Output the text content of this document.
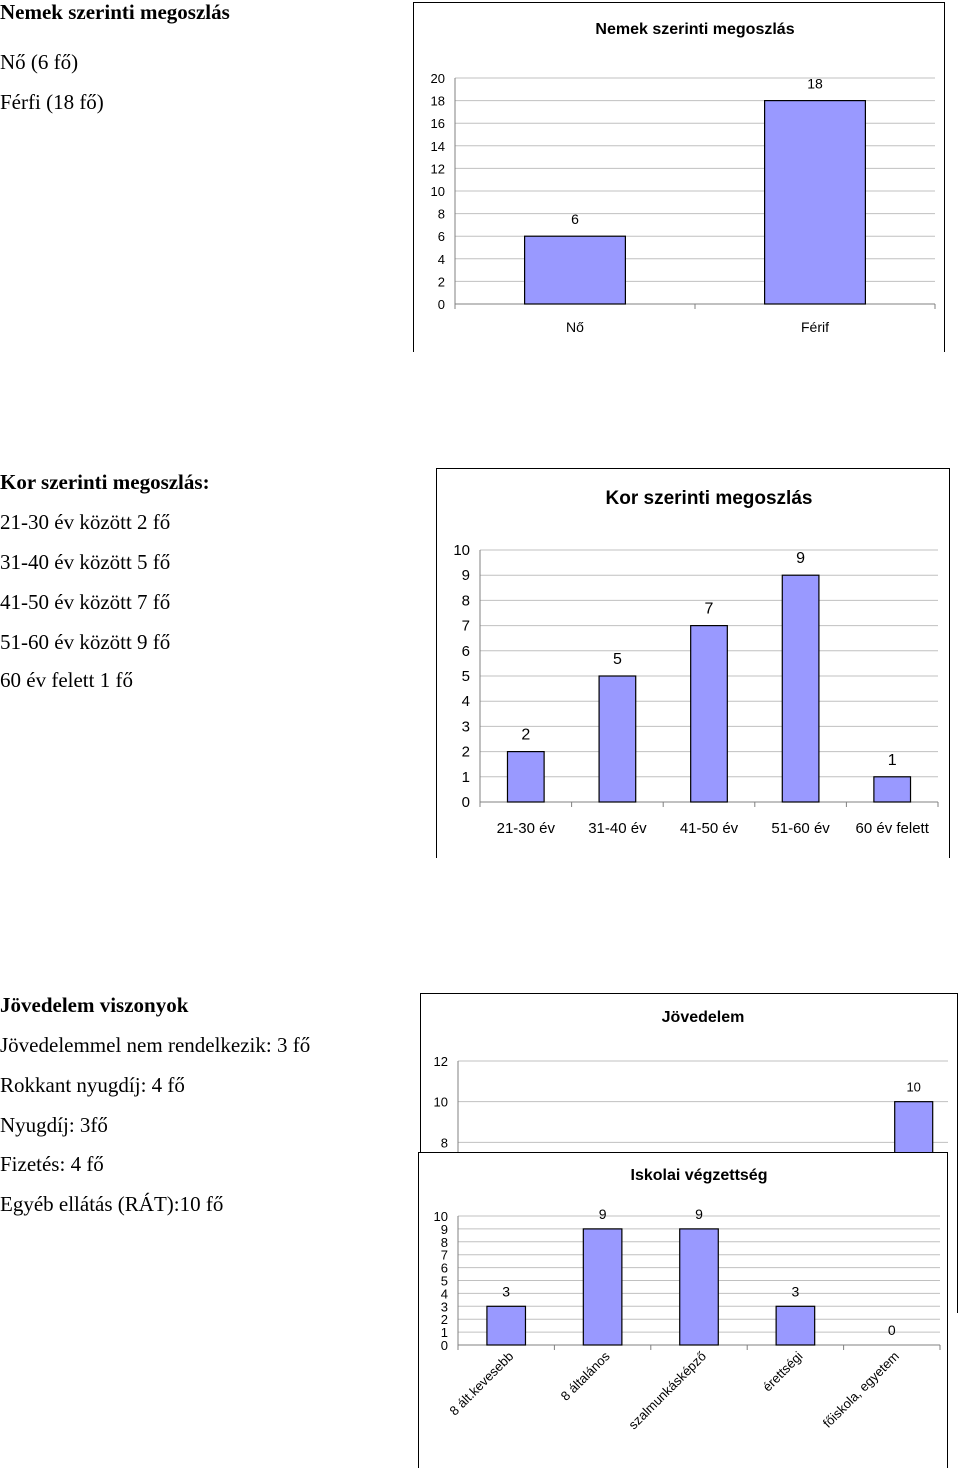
Nemek szerinti megoszlás
Nő (6 fő)
Férfi (18 fő)
Kor szerinti megoszlás:
21-30 év között 2 fő
31-40 év között 5 fő
41-50 év között 7 fő
51-60 év között 9 fő
60 év felett 1 fő
Jövedelem viszonyok
Jövedelemmel nem rendelkezik: 3 fő
Rokkant nyugdíj: 4 fő
Nyugdíj: 3fő
Fizetés: 4 fő
Egyéb ellátás (RÁT):10 fő
Nemek szerinti megoszlás
0
2
4
6
8
10
12
14
16
18
20
6
Nő
18
Férif
Kor szerinti megoszlás
0
1
2
3
4
5
6
7
8
9
10
2
21-30 év
5
31-40 év
7
41-50 év
9
51-60 év
1
60 év felett
Jövedelem
8
10
12
10
Iskolai végzettség
0
1
2
3
4
5
6
7
8
9
10
3
8 ált.kevesebb
9
8 általános
9
szalmunkásképző
3
érettségi
0
főiskola, egyetem
